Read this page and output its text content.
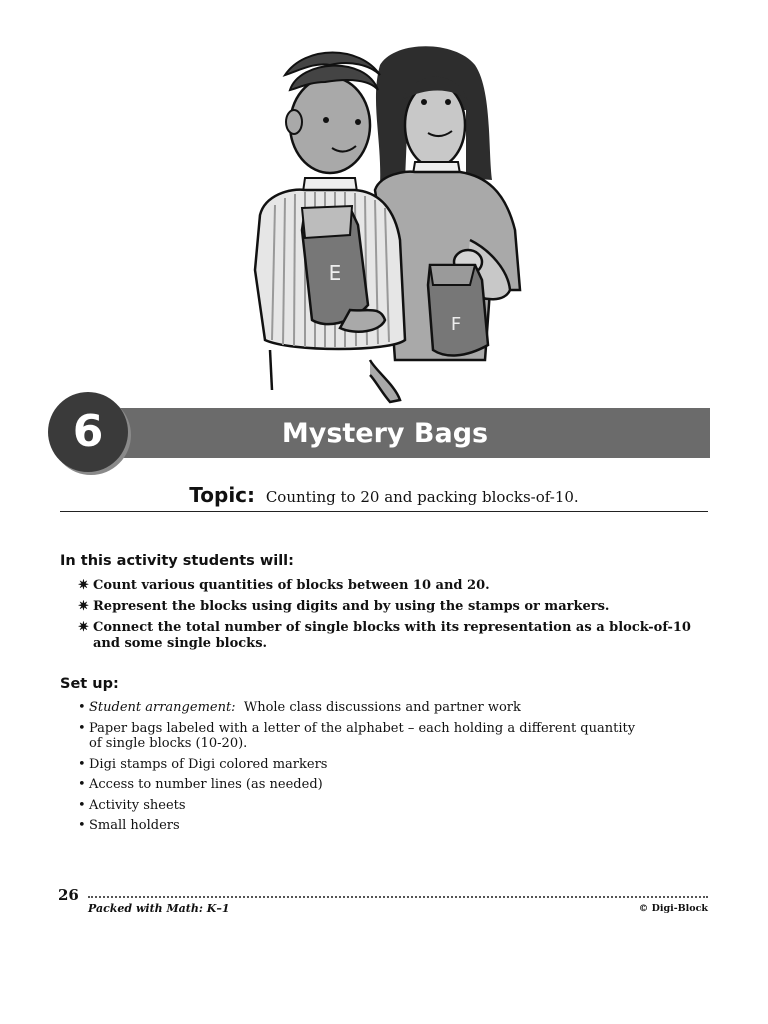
F
E
Mystery Bags
6
Topic: Counting to 20 and packing blocks-of-10.
In this activity students will:
✷ Count various quantities of blocks between 10 and 20.
✷ Represent the blocks using digits and by using the stamps or markers.
✷ Connect the total number of single blocks with its representation as a block-of-10
and some single blocks.
Set up:
• Student arrangement: Whole class discussions and partner work
• Paper bags labeled with a letter of the alphabet – each holding a different quantity
of single blocks (10-20).
• Digi stamps of Digi colored markers
• Access to number lines (as needed)
• Activity sheets
• Small holders
26
Packed with Math: K–1	© Digi-Block
